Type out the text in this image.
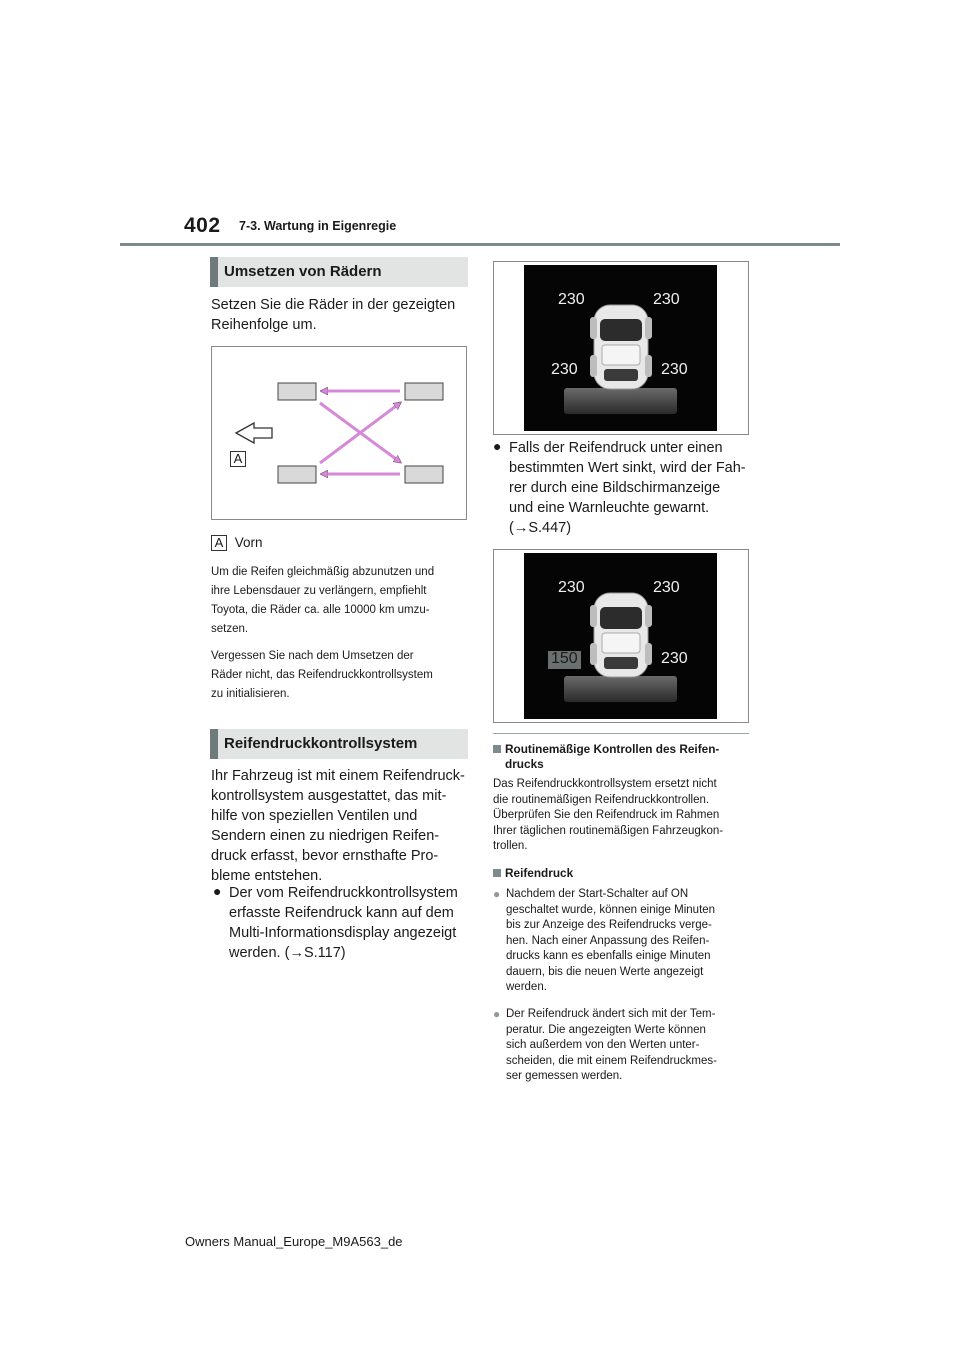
402 7-3. Wartung in Eigenregie
Umsetzen von Rädern
Setzen Sie die Räder in der gezeigten
Reihenfolge um.
A
A Vorn
Um die Reifen gleichmäßig abzunutzen und
ihre Lebensdauer zu verlängern, empfiehlt
Toyota, die Räder ca. alle 10000 km umzu-
setzen.
Vergessen Sie nach dem Umsetzen der
Räder nicht, das Reifendruckkontrollsystem
zu initialisieren.
Reifendruckkontrollsystem
Ihr Fahrzeug ist mit einem Reifendruck-
kontrollsystem ausgestattet, das mit-
hilfe von speziellen Ventilen und
Sendern einen zu niedrigen Reifen-
druck erfasst, bevor ernsthafte Pro-
bleme entstehen.
● Der vom Reifendruckkontrollsystem
erfasste Reifendruck kann auf dem
Multi-Informationsdisplay angezeigt
werden. (→S.117)
230	230
230	230
● Falls der Reifendruck unter einen
bestimmten Wert sinkt, wird der Fah-
rer durch eine Bildschirmanzeige
und eine Warnleuchte gewarnt.
(→S.447)
230	230
150	230
Routinemäßige Kontrollen des Reifen-
drucks
Das Reifendruckkontrollsystem ersetzt nicht
die routinemäßigen Reifendruckkontrollen.
Überprüfen Sie den Reifendruck im Rahmen
Ihrer täglichen routinemäßigen Fahrzeugkon-
trollen.
Reifendruck
● Nachdem der Start-Schalter auf ON
geschaltet wurde, können einige Minuten
bis zur Anzeige des Reifendrucks verge-
hen. Nach einer Anpassung des Reifen-
drucks kann es ebenfalls einige Minuten
dauern, bis die neuen Werte angezeigt
werden.
● Der Reifendruck ändert sich mit der Tem-
peratur. Die angezeigten Werte können
sich außerdem von den Werten unter-
scheiden, die mit einem Reifendruckmes-
ser gemessen werden.
Owners Manual_Europe_M9A563_de
